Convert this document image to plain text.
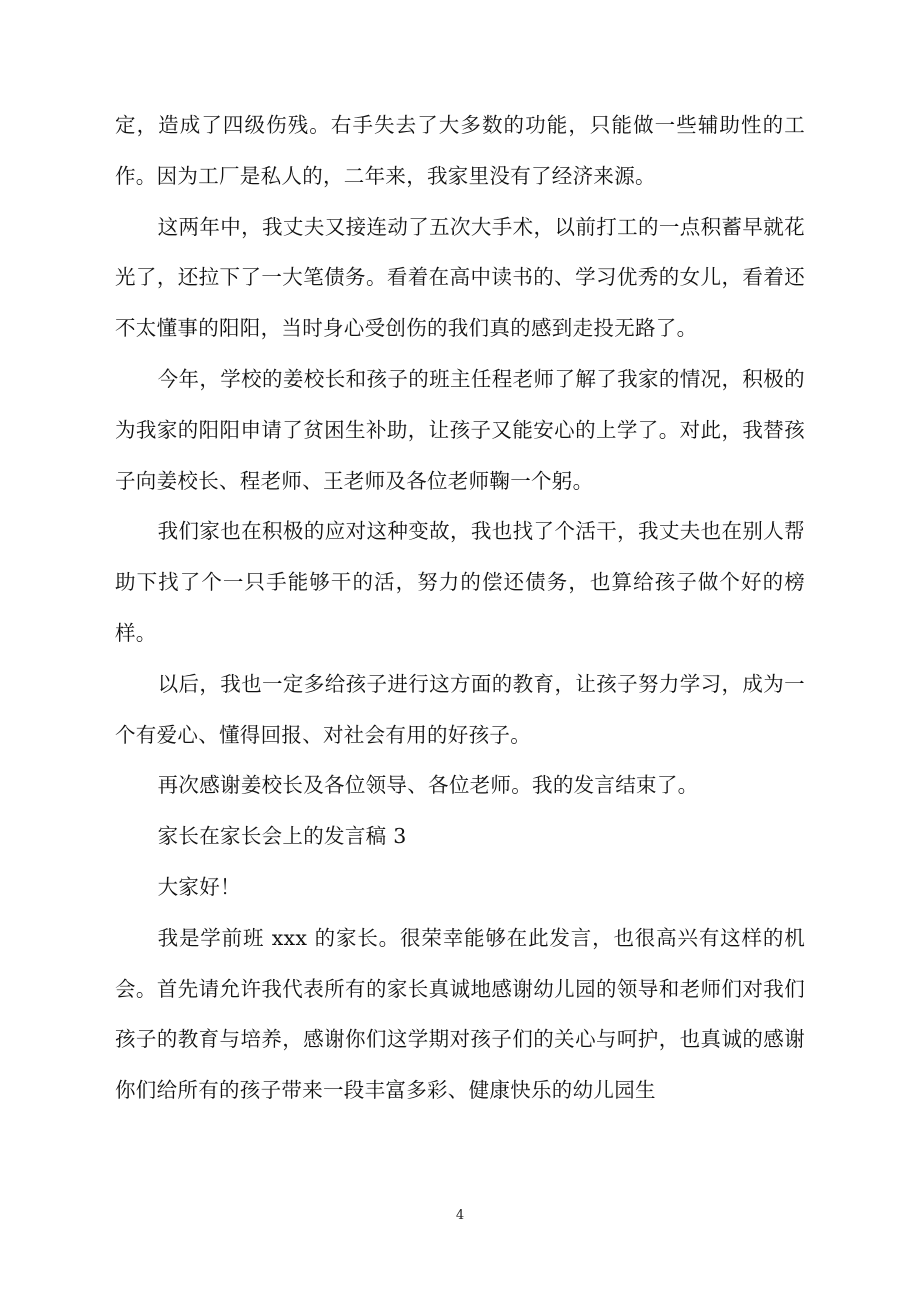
定，造成了四级伤残。右手失去了大多数的功能，只能做一些辅助性的工作。因为工厂是私人的，二年来，我家里没有了经济来源。

这两年中，我丈夫又接连动了五次大手术，以前打工的一点积蓄早就花光了，还拉下了一大笔债务。看着在高中读书的、学习优秀的女儿，看着还不太懂事的阳阳，当时身心受创伤的我们真的感到走投无路了。

今年，学校的姜校长和孩子的班主任程老师了解了我家的情况，积极的为我家的阳阳申请了贫困生补助，让孩子又能安心的上学了。对此，我替孩子向姜校长、程老师、王老师及各位老师鞠一个躬。

我们家也在积极的应对这种变故，我也找了个活干，我丈夫也在别人帮助下找了个一只手能够干的活，努力的偿还债务，也算给孩子做个好的榜样。

以后，我也一定多给孩子进行这方面的教育，让孩子努力学习，成为一个有爱心、懂得回报、对社会有用的好孩子。

再次感谢姜校长及各位领导、各位老师。我的发言结束了。

家长在家长会上的发言稿 3

大家好！

我是学前班 xxx 的家长。很荣幸能够在此发言，也很高兴有这样的机会。首先请允许我代表所有的家长真诚地感谢幼儿园的领导和老师们对我们孩子的教育与培养，感谢你们这学期对孩子们的关心与呵护，也真诚的感谢你们给所有的孩子带来一段丰富多彩、健康快乐的幼儿园生

4
